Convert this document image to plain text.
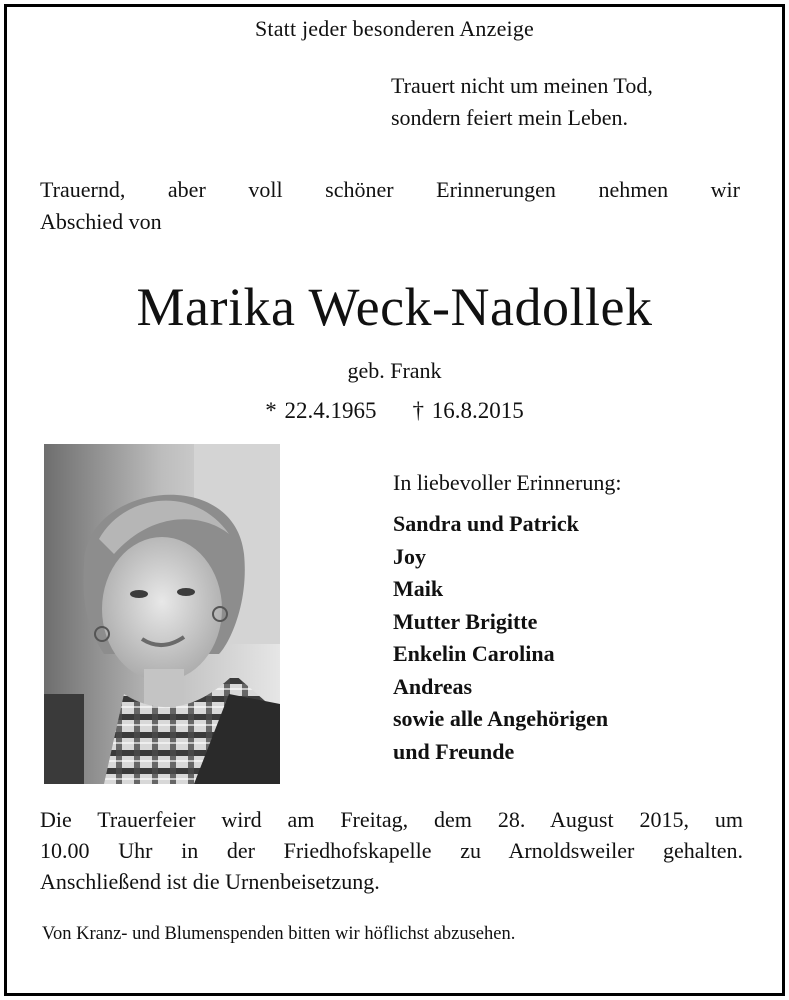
Statt jeder besonderen Anzeige
Trauert nicht um meinen Tod,
sondern feiert mein Leben.
Trauernd, aber voll schöner Erinnerungen nehmen wir
Abschied von
Marika Weck-Nadollek
geb. Frank
* 22.4.1965 † 16.8.2015
In liebevoller Erinnerung:
Sandra und Patrick
Joy
Maik
Mutter Brigitte
Enkelin Carolina
Andreas
sowie alle Angehörigen
und Freunde
Die Trauerfeier wird am Freitag, dem 28. August 2015, um
10.00 Uhr in der Friedhofskapelle zu Arnoldsweiler gehalten.
Anschließend ist die Urnenbeisetzung.
Von Kranz- und Blumenspenden bitten wir höflichst abzusehen.
